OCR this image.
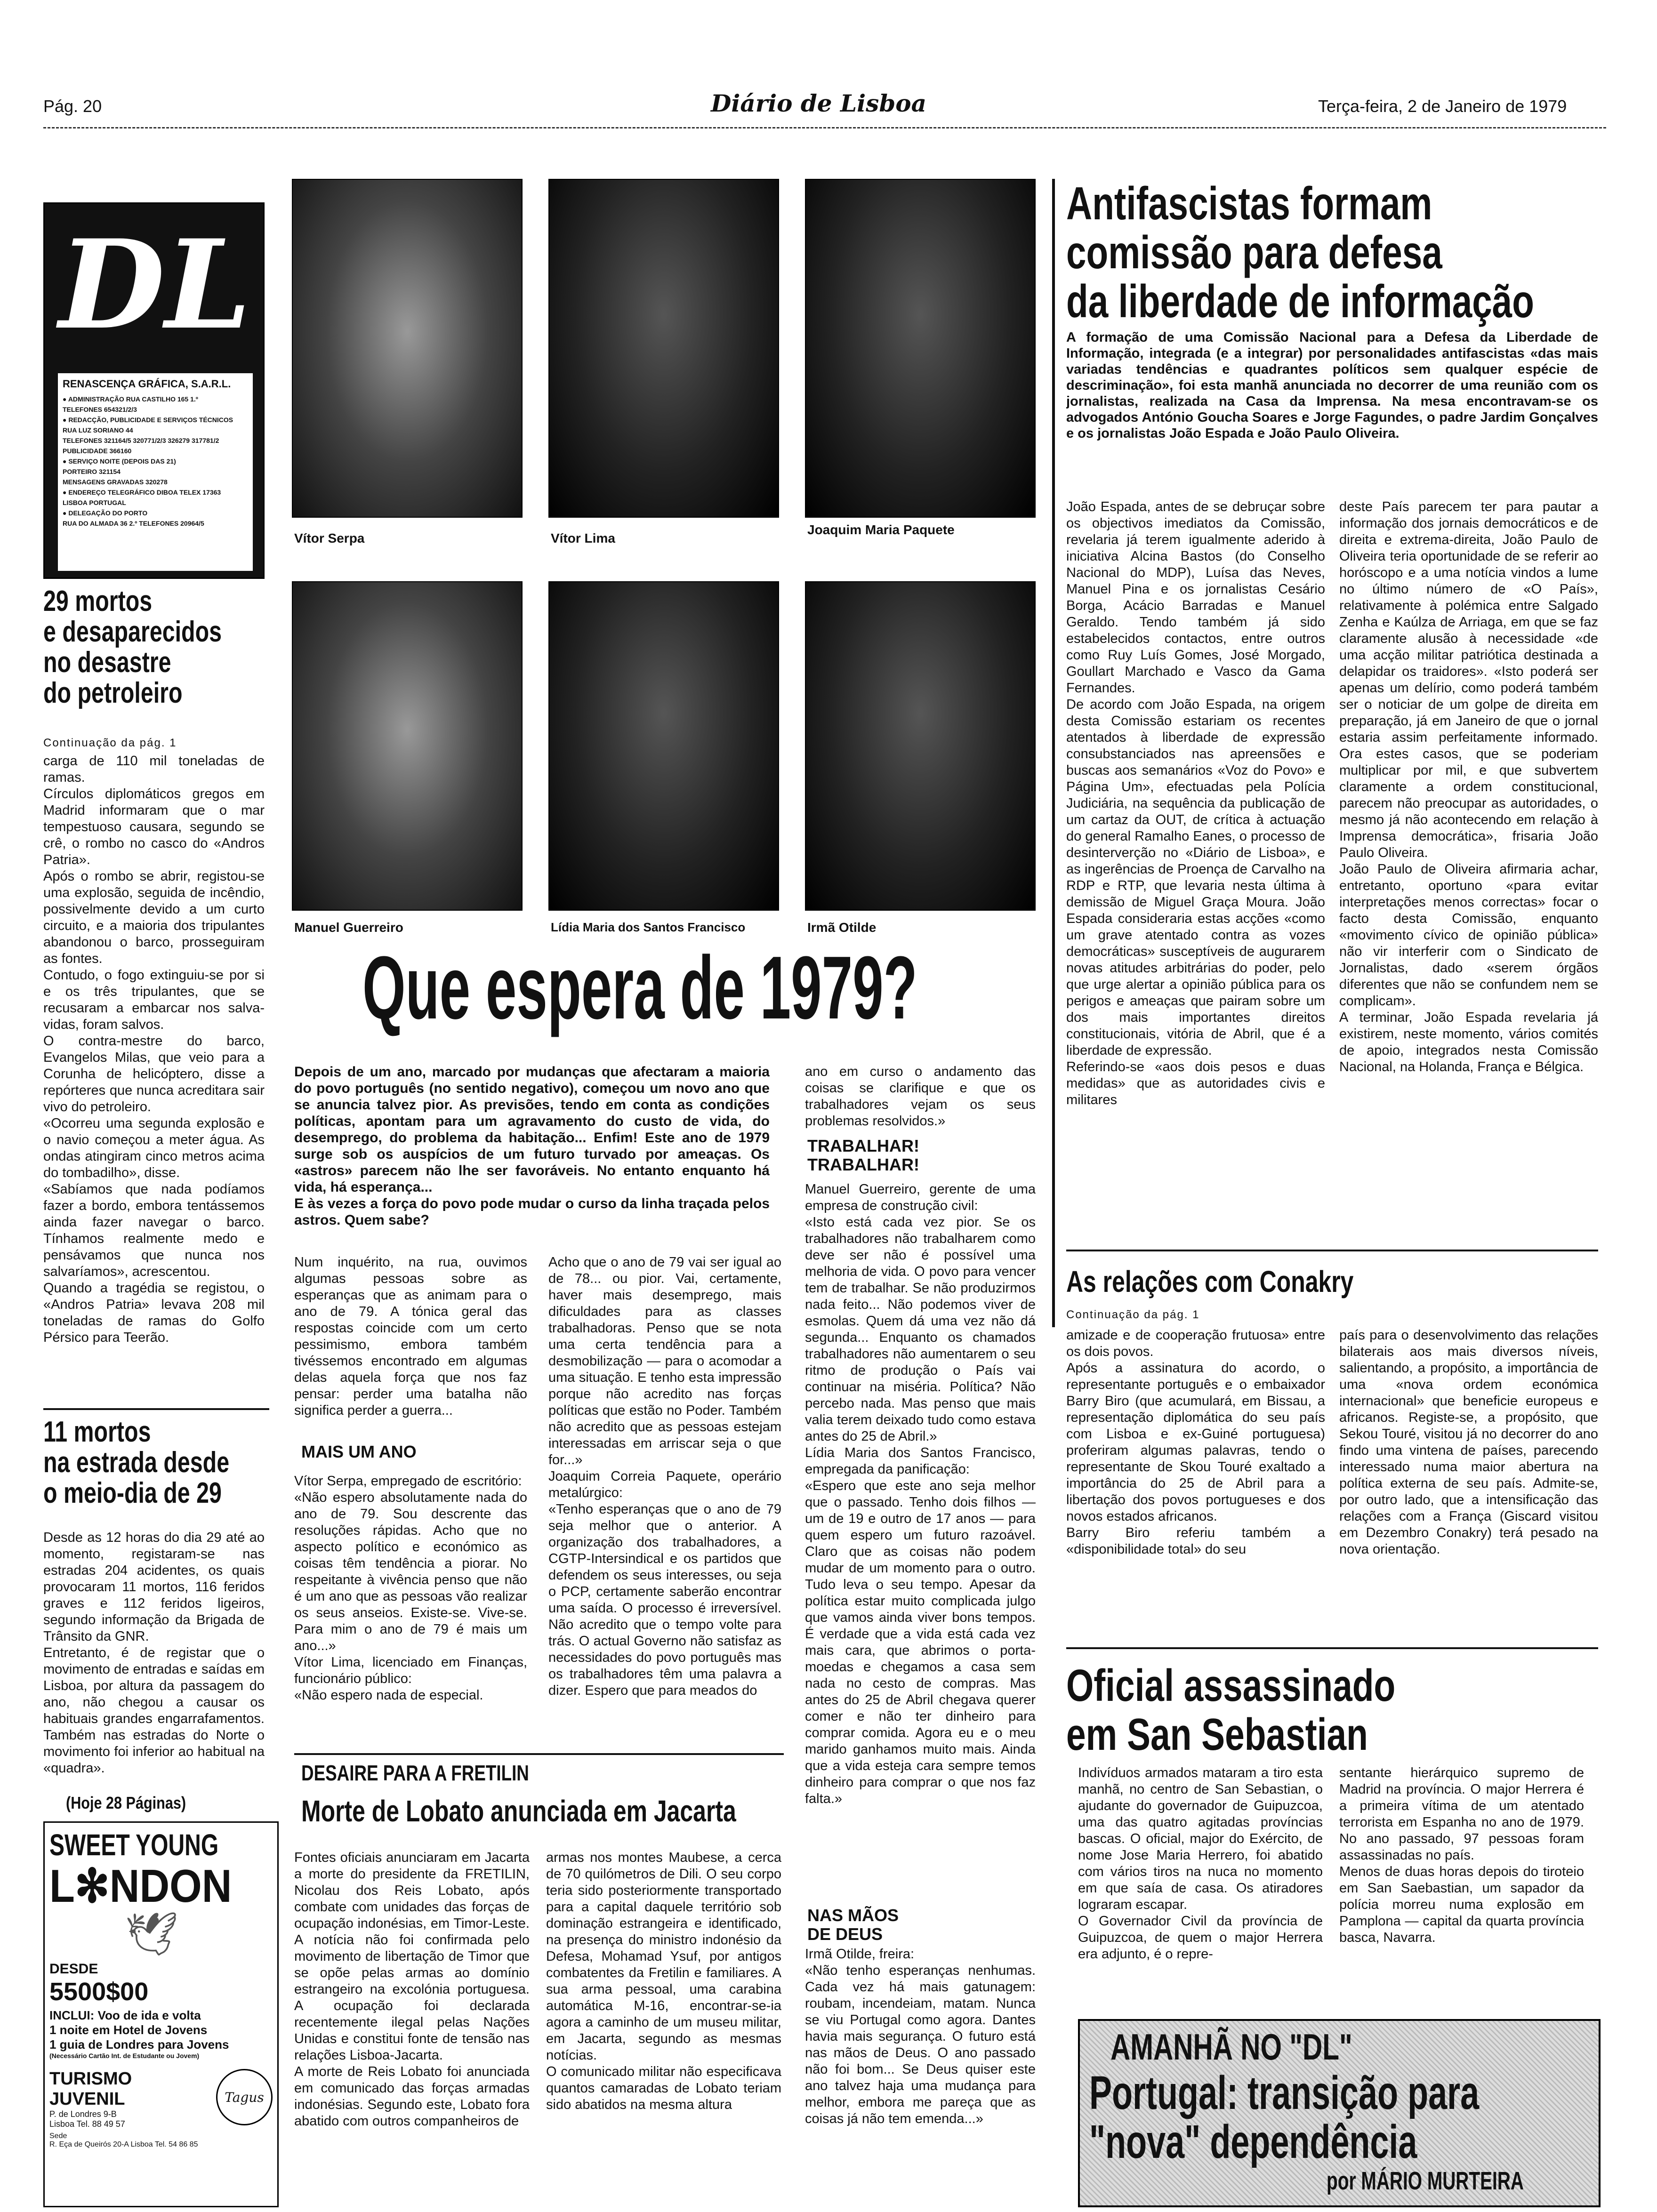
Pág. 20	Diário de Lisboa	Terça-feira, 2 de Janeiro de 1979
DL
RENASCENÇA GRÁFICA, S.A.R.L.
● ADMINISTRAÇÃO RUA CASTILHO 165 1.º
TELEFONES 654321/2/3
● REDACÇÃO, PUBLICIDADE E SERVIÇOS TÉCNICOS
RUA LUZ SORIANO 44
TELEFONES 321164/5 320771/2/3 326279 317781/2
PUBLICIDADE 366160
● SERVIÇO NOITE (DEPOIS DAS 21)
PORTEIRO 321154
MENSAGENS GRAVADAS 320278
● ENDEREÇO TELEGRÁFICO DIBOA TELEX 17363
LISBOA PORTUGAL
● DELEGAÇÃO DO PORTO
RUA DO ALMADA 36 2.º TELEFONES 20964/5
29 mortos
e desaparecidos
no desastre
do petroleiro
Continuação da pág. 1
carga de 110 mil toneladas de ramas.
Círculos diplomáticos gregos em Madrid informaram que o mar tempestuoso causara, segundo se crê, o rombo no casco do «Andros Patria».
Após o rombo se abrir, registou-se uma explosão, seguida de incêndio, possivelmente devido a um curto circuito, e a maioria dos tripulantes abandonou o barco, prosseguiram as fontes.
Contudo, o fogo extinguiu-se por si e os três tripulantes, que se recusaram a embarcar nos salva-vidas, foram salvos.
O contra-mestre do barco, Evangelos Milas, que veio para a Corunha de helicóptero, disse a repórteres que nunca acreditara sair vivo do petroleiro.
«Ocorreu uma segunda explosão e o navio começou a meter água. As ondas atingiram cinco metros acima do tombadilho», disse.
«Sabíamos que nada podíamos fazer a bordo, embora tentássemos ainda fazer navegar o barco. Tínhamos realmente medo e pensávamos que nunca nos salvaríamos», acrescentou.
Quando a tragédia se registou, o «Andros Patria» levava 208 mil toneladas de ramas do Golfo Pérsico para Teerão.
11 mortos
na estrada desde
o meio-dia de 29
Desde as 12 horas do dia 29 até ao momento, registaram-se nas estradas 204 acidentes, os quais provocaram 11 mortos, 116 feridos graves e 112 feridos ligeiros, segundo informação da Brigada de Trânsito da GNR.
Entretanto, é de registar que o movimento de entradas e saídas em Lisboa, por altura da passagem do ano, não chegou a causar os habituais grandes engarrafamentos. Também nas estradas do Norte o movimento foi inferior ao habitual na «quadra».
(Hoje 28 Páginas)
SWEET YOUNG
L✻NDON
🕊
DESDE
5500$00
INCLUI: Voo de ida e volta
1 noite em Hotel de Jovens
1 guia de Londres para Jovens
(Necessário Cartão Int. de Estudante ou Jovem)
TURISMO
JUVENIL
P. de Londres 9-B
Lisboa Tel. 88 49 57
Tagus
Sede
R. Eça de Queirós 20-A Lisboa Tel. 54 86 85
Vítor Serpa	Vítor Lima
Joaquim Maria Paquete
Manuel Guerreiro	Lídia Maria dos Santos Francisco	Irmã Otilde
Que espera de 1979?
Depois de um ano, marcado por mudanças que afectaram a maioria do povo português (no sentido negativo), começou um novo ano que se anuncia talvez pior. As previsões, tendo em conta as condições políticas, apontam para um agravamento do custo de vida, do desemprego, do problema da habitação... Enfim! Este ano de 1979 surge sob os auspícios de um futuro turvado por ameaças. Os «astros» parecem não lhe ser favoráveis. No entanto enquanto há vida, há esperança...
E às vezes a força do povo pode mudar o curso da linha traçada pelos astros. Quem sabe?
Num inquérito, na rua, ouvimos algumas pessoas sobre as esperanças que as animam para o ano de 79. A tónica geral das respostas coincide com um certo pessimismo, embora também tivéssemos encontrado em algumas delas aquela força que nos faz pensar: perder uma batalha não significa perder a guerra...
MAIS UM ANO
Vítor Serpa, empregado de escritório:
«Não espero absolutamente nada do ano de 79. Sou descrente das resoluções rápidas. Acho que no aspecto político e económico as coisas têm tendência a piorar. No respeitante à vivência penso que não é um ano que as pessoas vão realizar os seus anseios. Existe-se. Vive-se. Para mim o ano de 79 é mais um ano...»
Vítor Lima, licenciado em Finanças, funcionário público:
«Não espero nada de especial.
Acho que o ano de 79 vai ser igual ao de 78... ou pior. Vai, certamente, haver mais desemprego, mais dificuldades para as classes trabalhadoras. Penso que se nota uma certa tendência para a desmobilização — para o acomodar a uma situação. E tenho esta impressão porque não acredito nas forças políticas que estão no Poder. Também não acredito que as pessoas estejam interessadas em arriscar seja o que for...»
Joaquim Correia Paquete, operário metalúrgico:
«Tenho esperanças que o ano de 79 seja melhor que o anterior. A organização dos trabalhadores, a CGTP-Intersindical e os partidos que defendem os seus interesses, ou seja o PCP, certamente saberão encontrar uma saída. O processo é irreversível. Não acredito que o tempo volte para trás. O actual Governo não satisfaz as necessidades do povo português mas os trabalhadores têm uma palavra a dizer. Espero que para meados do
ano em curso o andamento das coisas se clarifique e que os trabalhadores vejam os seus problemas resolvidos.»
TRABALHAR!
TRABALHAR!
Manuel Guerreiro, gerente de uma empresa de construção civil:
«Isto está cada vez pior. Se os trabalhadores não trabalharem como deve ser não é possível uma melhoria de vida. O povo para vencer tem de trabalhar. Se não produzirmos nada feito... Não podemos viver de esmolas. Quem dá uma vez não dá segunda... Enquanto os chamados trabalhadores não aumentarem o seu ritmo de produção o País vai continuar na miséria. Política? Não percebo nada. Mas penso que mais valia terem deixado tudo como estava antes do 25 de Abril.»
Lídia Maria dos Santos Francisco, empregada da panificação:
«Espero que este ano seja melhor que o passado. Tenho dois filhos — um de 19 e outro de 17 anos — para quem espero um futuro razoável. Claro que as coisas não podem mudar de um momento para o outro. Tudo leva o seu tempo. Apesar da política estar muito complicada julgo que vamos ainda viver bons tempos. É verdade que a vida está cada vez mais cara, que abrimos o porta-moedas e chegamos a casa sem nada no cesto de compras. Mas antes do 25 de Abril chegava querer comer e não ter dinheiro para comprar comida. Agora eu e o meu marido ganhamos muito mais. Ainda que a vida esteja cara sempre temos dinheiro para comprar o que nos faz falta.»
NAS MÃOS
DE DEUS
Irmã Otilde, freira:
«Não tenho esperanças nenhumas. Cada vez há mais gatunagem: roubam, incendeiam, matam. Nunca se viu Portugal como agora. Dantes havia mais segurança. O futuro está nas mãos de Deus. O ano passado não foi bom... Se Deus quiser este ano talvez haja uma mudança para melhor, embora me pareça que as coisas já não tem emenda...»
DESAIRE PARA A FRETILIN
Morte de Lobato anunciada em Jacarta
Fontes oficiais anunciaram em Jacarta a morte do presidente da FRETILIN, Nicolau dos Reis Lobato, após combate com unidades das forças de ocupação indonésias, em Timor-Leste. A notícia não foi confirmada pelo movimento de libertação de Timor que se opõe pelas armas ao domínio estrangeiro na excolónia portuguesa. A ocupação foi declarada recentemente ilegal pelas Nações Unidas e constitui fonte de tensão nas relações Lisboa-Jacarta.
A morte de Reis Lobato foi anunciada em comunicado das forças armadas indonésias. Segundo este, Lobato fora abatido com outros companheiros de
armas nos montes Maubese, a cerca de 70 quilómetros de Dili. O seu corpo teria sido posteriormente transportado para a capital daquele território sob dominação estrangeira e identificado, na presença do ministro indonésio da Defesa, Mohamad Ysuf, por antigos combatentes da Fretilin e familiares. A sua arma pessoal, uma carabina automática M-16, encontrar-se-ia agora a caminho de um museu militar, em Jacarta, segundo as mesmas notícias.
O comunicado militar não especificava quantos camaradas de Lobato teriam sido abatidos na mesma altura
Antifascistas formam
comissão para defesa
da liberdade de informação
A formação de uma Comissão Nacional para a Defesa da Liberdade de Informação, integrada (e a integrar) por personalidades antifascistas «das mais variadas tendências e quadrantes políticos sem qualquer espécie de descriminação», foi esta manhã anunciada no decorrer de uma reunião com os jornalistas, realizada na Casa da Imprensa. Na mesa encontravam-se os advogados António Goucha Soares e Jorge Fagundes, o padre Jardim Gonçalves e os jornalistas João Espada e João Paulo Oliveira.
João Espada, antes de se debruçar sobre os objectivos imediatos da Comissão, revelaria já terem igualmente aderido à iniciativa Alcina Bastos (do Conselho Nacional do MDP), Luísa das Neves, Manuel Pina e os jornalistas Cesário Borga, Acácio Barradas e Manuel Geraldo. Tendo também já sido estabelecidos contactos, entre outros como Ruy Luís Gomes, José Morgado, Goullart Marchado e Vasco da Gama Fernandes.
De acordo com João Espada, na origem desta Comissão estariam os recentes atentados à liberdade de expressão consubstanciados nas apreensões e buscas aos semanários «Voz do Povo» e Página Um», efectuadas pela Polícia Judiciária, na sequência da publicação de um cartaz da OUT, de crítica à actuação do general Ramalho Eanes, o processo de desinterverção no «Diário de Lisboa», e as ingerências de Proença de Carvalho na RDP e RTP, que levaria nesta última à demissão de Miguel Graça Moura. João Espada consideraria estas acções «como um grave atentado contra as vozes democráticas» susceptíveis de augurarem novas atitudes arbitrárias do poder, pelo que urge alertar a opinião pública para os perigos e ameaças que pairam sobre um dos mais importantes direitos constitucionais, vitória de Abril, que é a liberdade de expressão.
Referindo-se «aos dois pesos e duas medidas» que as autoridades civis e militares
deste País parecem ter para pautar a informação dos jornais democráticos e de direita e extrema-direita, João Paulo de Oliveira teria oportunidade de se referir ao horóscopo e a uma notícia vindos a lume no último número de «O País», relativamente à polémica entre Salgado Zenha e Kaúlza de Arriaga, em que se faz claramente alusão à necessidade «de uma acção militar patriótica destinada a delapidar os traidores». «Isto poderá ser apenas um delírio, como poderá também ser o noticiar de um golpe de direita em preparação, já em Janeiro de que o jornal estaria assim perfeitamente informado. Ora estes casos, que se poderiam multiplicar por mil, e que subvertem claramente a ordem constitucional, parecem não preocupar as autoridades, o mesmo já não acontecendo em relação à Imprensa democrática», frisaria João Paulo Oliveira.
João Paulo de Oliveira afirmaria achar, entretanto, oportuno «para evitar interpretações menos correctas» focar o facto desta Comissão, enquanto «movimento cívico de opinião pública» não vir interferir com o Sindicato de Jornalistas, dado «serem órgãos diferentes que não se confundem nem se complicam».
A terminar, João Espada revelaria já existirem, neste momento, vários comités de apoio, integrados nesta Comissão Nacional, na Holanda, França e Bélgica.
As relações com Conakry
Continuação da pág. 1
amizade e de cooperação frutuosa» entre os dois povos.
Após a assinatura do acordo, o representante português e o embaixador Barry Biro (que acumulará, em Bissau, a representação diplomática do seu país com Lisboa e ex-Guiné portuguesa) proferiram algumas palavras, tendo o representante de Skou Touré exaltado a importância do 25 de Abril para a libertação dos povos portugueses e dos novos estados africanos.
Barry Biro referiu também a «disponibilidade total» do seu
país para o desenvolvimento das relações bilaterais aos mais diversos níveis, salientando, a propósito, a importância de uma «nova ordem económica internacional» que beneficie europeus e africanos. Registe-se, a propósito, que Sekou Touré, visitou já no decorrer do ano findo uma vintena de países, parecendo interessado numa maior abertura na política externa de seu país. Admite-se, por outro lado, que a intensificação das relações com a França (Giscard visitou em Dezembro Conakry) terá pesado na nova orientação.
Oficial assassinado
em San Sebastian
Indivíduos armados mataram a tiro esta manhã, no centro de San Sebastian, o ajudante do governador de Guipuzcoa, uma das quatro agitadas províncias bascas. O oficial, major do Exército, de nome Jose Maria Herrero, foi abatido com vários tiros na nuca no momento em que saía de casa. Os atiradores lograram escapar.
O Governador Civil da província de Guipuzcoa, de quem o major Herrera era adjunto, é o repre-
sentante hierárquico supremo de Madrid na província. O major Herrera é a primeira vítima de um atentado terrorista em Espanha no ano de 1979. No ano passado, 97 pessoas foram assassinadas no país.
Menos de duas horas depois do tiroteio em San Saebastian, um sapador da polícia morreu numa explosão em Pamplona — capital da quarta província basca, Navarra.
AMANHÃ NO "DL"
Portugal: transição para
"nova" dependência
por MÁRIO MURTEIRA
